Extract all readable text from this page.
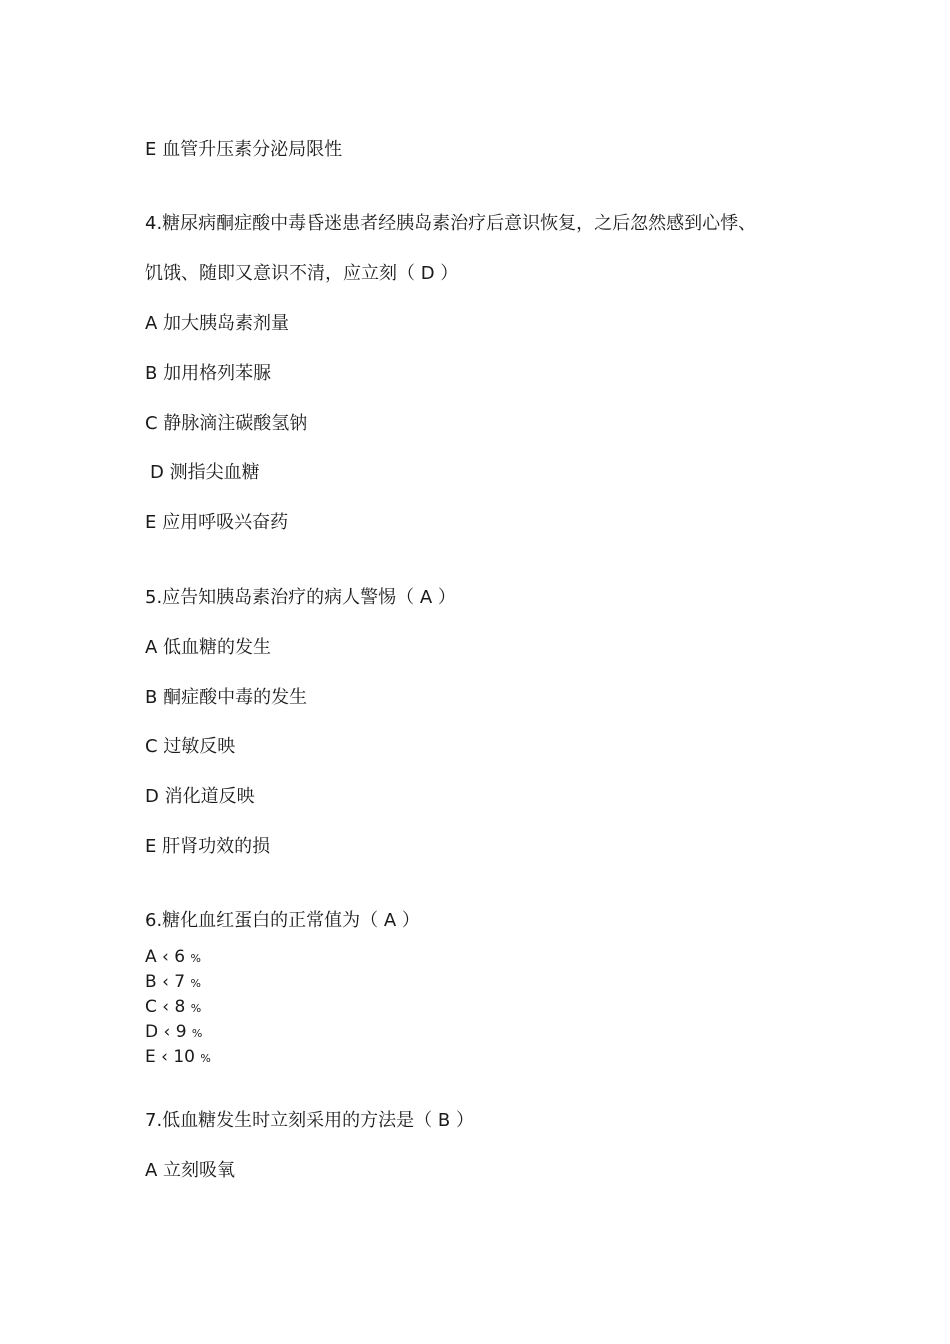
E 血管升压素分泌局限性
4.糖尿病酮症酸中毒昏迷患者经胰岛素治疗后意识恢复，之后忽然感到心悸、
饥饿、随即又意识不清，应立刻（ D ）
A 加大胰岛素剂量
B 加用格列苯脲
C 静脉滴注碳酸氢钠
D 测指尖血糖
E 应用呼吸兴奋药
5.应告知胰岛素治疗的病人警惕（ A ）
A 低血糖的发生
B 酮症酸中毒的发生
C 过敏反映
D 消化道反映
E 肝肾功效的损
6.糖化血红蛋白的正常值为（ A ）
A ‹ 6 %
B ‹ 7 %
C ‹ 8 %
D ‹ 9 %
E ‹ 10 %
7.低血糖发生时立刻采用的方法是（ B ）
A 立刻吸氧
